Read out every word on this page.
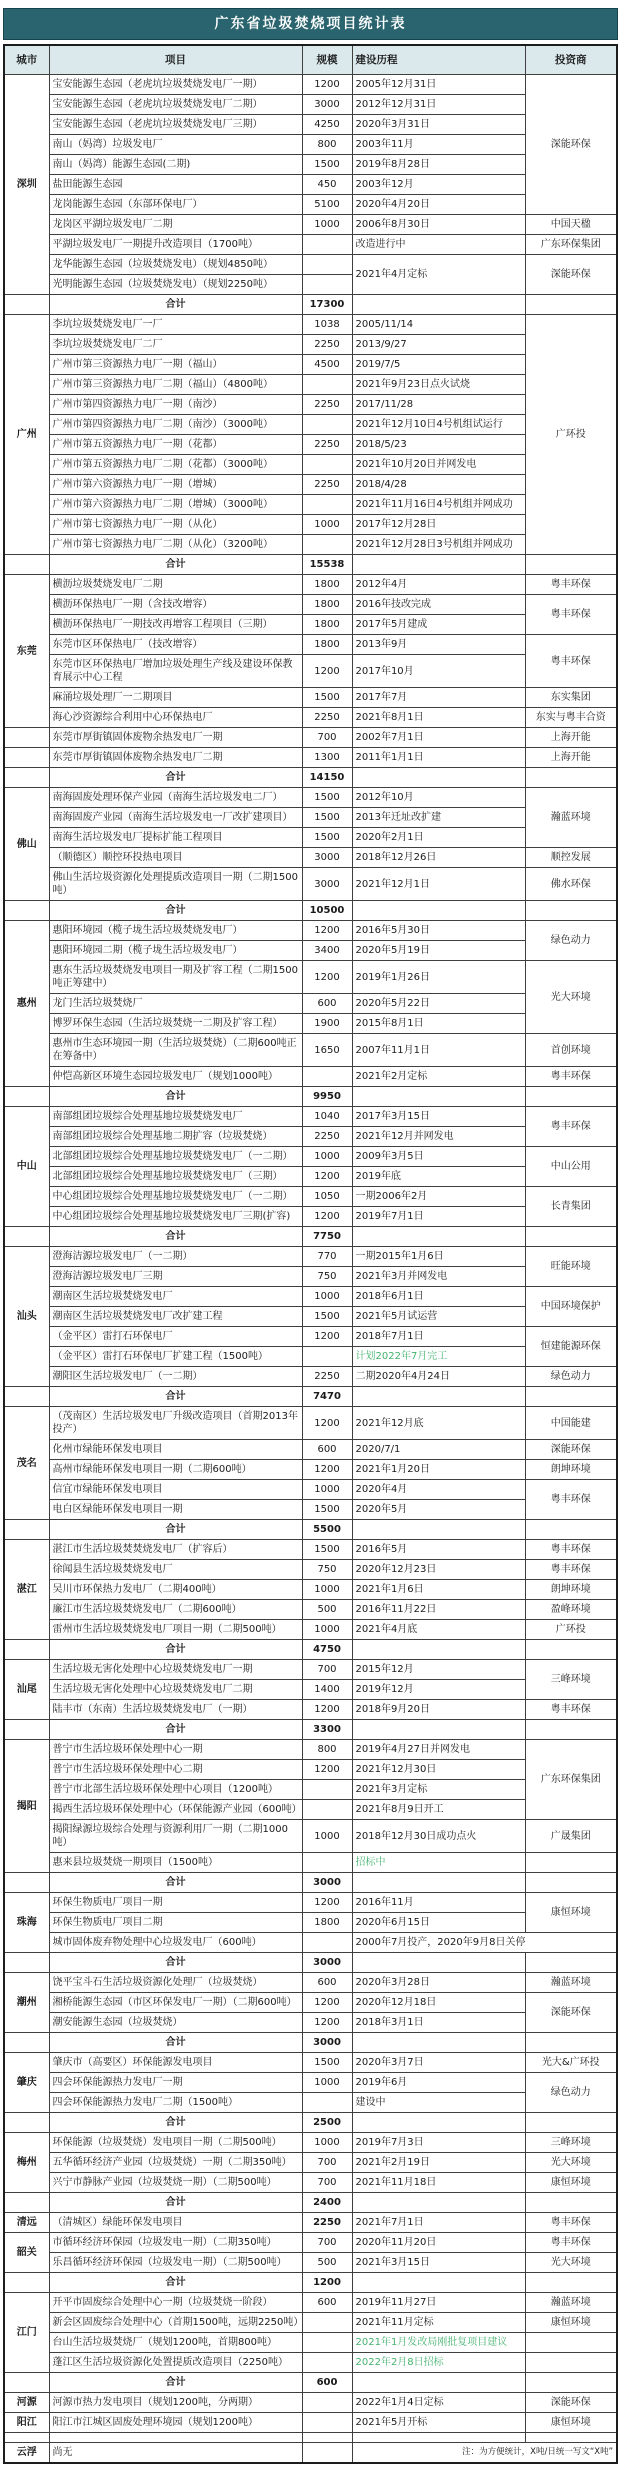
广东省垃圾焚烧项目统计表
城市	项目	规模	建设历程	投资商
深圳	宝安能源生态园（老虎坑垃圾焚烧发电厂一期）	1200	2005年12月31日	深能环保
	宝安能源生态园（老虎坑垃圾焚烧发电厂二期）	3000	2012年12月31日	
	宝安能源生态园（老虎坑垃圾焚烧发电厂三期）	4250	2020年3月31日	
	南山（妈湾）垃圾发电厂	800	2003年11月	
	南山（妈湾）能源生态园(二期)	1500	2019年8月28日	
	盐田能源生态园	450	2003年12月	
	龙岗能源生态园（东部环保电厂）	5100	2020年4月20日	
	龙岗区平湖垃圾发电厂二期	1000	2006年8月30日	中国天楹
	平湖垃圾发电厂一期提升改造项目（1700吨）		改造进行中	广东环保集团
	龙华能源生态园（垃圾焚烧发电）（规划4850吨）		2021年4月定标	深能环保
	光明能源生态园（垃圾焚烧发电）（规划2250吨）			
	合计	17300		
广州	李坑垃圾焚烧发电厂一厂	1038	2005/11/14	广环投
	李坑垃圾焚烧发电厂二厂	2250	2013/9/27	
	广州市第三资源热力电厂一期（福山）	4500	2019/7/5	
	广州市第三资源热力电厂二期（福山）（4800吨）		2021年9月23日点火试烧	
	广州市第四资源热力电厂一期（南沙）	2250	2017/11/28	
	广州市第四资源热力电厂二期（南沙）（3000吨）		2021年12月10日4号机组试运行	
	广州市第五资源热力电厂一期（花都）	2250	2018/5/23	
	广州市第五资源热力电厂二期（花都）（3000吨）		2021年10月20日并网发电	
	广州市第六资源热力电厂一期（增城）	2250	2018/4/28	
	广州市第六资源热力电厂二期（增城）（3000吨）		2021年11月16日4号机组并网成功	
	广州市第七资源热力电厂一期（从化）	1000	2017年12月28日	
	广州市第七资源热力电厂二期（从化）（3200吨）		2021年12月28日3号机组并网成功	
	合计	15538		
东莞	横沥垃圾焚烧发电厂二期	1800	2012年4月	粤丰环保
	横沥环保热电厂一期（含技改增容）	1800	2016年技改完成	粤丰环保
	横沥环保热电厂一期技改再增容工程项目（三期）	1800	2017年5月建成	
	东莞市区环保热电厂（技改增容）	1800	2013年9月	粤丰环保
	东莞市区环保热电厂增加垃圾处理生产线及建设环保教育展示中心工程	1200	2017年10月	
	麻涌垃圾处理厂一二期项目	1500	2017年7月	东实集团
	海心沙资源综合利用中心环保热电厂	2250	2021年8月1日	东实与粤丰合资
	东莞市厚街镇固体废物余热发电厂一期	700	2002年7月1日	上海开能
	东莞市厚街镇固体废物余热发电厂二期	1300	2011年1月1日	上海开能
	合计	14150		
佛山	南海固废处理环保产业园（南海生活垃圾发电二厂）	1500	2012年10月	瀚蓝环境
	南海固废产业园（南海生活垃圾发电一厂改扩建项目）	1500	2013年迁址改扩建	
	南海生活垃圾发电厂提标扩能工程项目	1500	2020年2月1日	
	（顺德区）顺控环投热电项目	3000	2018年12月26日	顺控发展
	佛山生活垃圾资源化处理提质改造项目一期（二期1500吨）	3000	2021年12月1日	佛水环保
	合计	10500		
惠州	惠阳环境园（榄子垅生活垃圾焚烧发电厂）	1200	2016年5月30日	绿色动力
	惠阳环境园二期（榄子垅生活垃圾发电厂）	3400	2020年5月19日	
	惠东生活垃圾焚烧发电项目一期及扩容工程（二期1500吨正筹建中）	1200	2019年1月26日	光大环境
	龙门生活垃圾焚烧厂	600	2020年5月22日	
	博罗环保生态园（生活垃圾焚烧一二期及扩容工程）	1900	2015年8月1日	
	惠州市生态环境园一期（生活垃圾焚烧）（二期600吨正在筹备中）	1650	2007年11月1日	首创环境
	仲恺高新区环境生态园垃圾发电厂（规划1000吨）		2021年2月定标	粤丰环保
	合计	9950		
中山	南部组团垃圾综合处理基地垃圾焚烧发电厂	1040	2017年3月15日	粤丰环保
	南部组团垃圾综合处理基地二期扩容（垃圾焚烧）	2250	2021年12月并网发电	
	北部组团垃圾综合处理基地垃圾焚烧发电厂（一二期）	1000	2009年3月5日	中山公用
	北部组团垃圾综合处理基地垃圾焚烧发电厂（三期）	1200	2019年底	
	中心组团垃圾综合处理基地垃圾焚烧发电厂（一二期）	1050	一期2006年2月	长青集团
	中心组团垃圾综合处理基地垃圾焚烧发电厂三期(扩容)	1200	2019年7月1日	
	合计	7750		
汕头	澄海洁源垃圾发电厂（一二期）	770	一期2015年1月6日	旺能环境
	澄海洁源垃圾发电厂三期	750	2021年3月并网发电	
	潮南区生活垃圾焚烧发电厂	1000	2018年6月1日	中国环境保护
	潮南区生活垃圾焚烧发电厂改扩建工程	1500	2021年5月试运营	
	（金平区）雷打石环保电厂	1200	2018年7月1日	恒建能源环保
	（金平区）雷打石环保电厂扩建工程（1500吨）		计划2022年7月完工	
	潮阳区生活垃圾发电厂（一二期）	2250	二期2020年4月24日	绿色动力
	合计	7470		
茂名	（茂南区）生活垃圾发电厂升级改造项目（首期2013年投产）	1200	2021年12月底	中国能建
	化州市绿能环保发电项目	600	2020/7/1	深能环保
	高州市绿能环保发电项目一期（二期600吨）	1200	2021年1月20日	朗坤环境
	信宜市绿能环保发电项目	1000	2020年4月	粤丰环保
	电白区绿能环保发电项目一期	1500	2020年5月	
	合计	5500		
湛江	湛江市生活垃圾焚焚烧发电厂（扩容后）	1500	2016年5月	粤丰环保
	徐闻县生活垃圾焚烧发电厂	750	2020年12月23日	粤丰环保
	吴川市环保热力发电厂（二期400吨）	1000	2021年1月6日	朗坤环境
	廉江市生活垃圾焚烧发电厂（二期600吨）	500	2016年11月22日	盈峰环境
	雷州市生活垃圾焚烧发电厂项目一期（二期500吨）	1000	2021年4月底	广环投
	合计	4750		
汕尾	生活垃圾无害化处理中心垃圾焚烧发电厂一期	700	2015年12月	三峰环境
	生活垃圾无害化处理中心垃圾焚烧发电厂二期	1400	2019年12月	
	陆丰市（东南）生活垃圾焚烧发电厂（一期）	1200	2018年9月20日	粤丰环保
	合计	3300		
揭阳	普宁市生活垃圾环保处理中心一期	800	2019年4月27日并网发电	广东环保集团
	普宁市生活垃圾环保处理中心二期	1200	2021年12月30日	
	普宁市北部生活垃圾环保处理中心项目（1200吨）		2021年3月定标	
	揭西生活垃圾环保处理中心（环保能源产业园（600吨）		2021年8月9日开工	
	揭阳绿源垃圾综合处理与资源利用厂一期（二期1000吨）	1000	2018年12月30日成功点火	广晟集团
	惠来县垃圾焚烧一期项目（1500吨）		招标中	
	合计	3000		
珠海	环保生物质电厂项目一期	1200	2016年11月	康恒环境
	环保生物质电厂项目二期	1800	2020年6月15日	
	城市固体废弃物处理中心垃圾发电厂（600吨）		2000年7月投产，2020年9月8日关停	
	合计	3000		
潮州	饶平宝斗石生活垃圾资源化处理厂（垃圾焚烧）	600	2020年3月28日	瀚蓝环境
	湘桥能源生态园（市区环保发电厂一期）（二期600吨）	1200	2020年12月18日	深能环保
	潮安能源生态园（垃圾焚烧）	1200	2018年3月1日	
	合计	3000		
肇庆	肇庆市（高要区）环保能源发电项目	1500	2020年3月7日	光大&广环投
	四会环保能源热力发电厂一期	1000	2019年6月	绿色动力
	四会环保能源热力发电厂二期（1500吨）		建设中	
	合计	2500		
梅州	环保能源（垃圾焚烧）发电项目一期（二期500吨）	1000	2019年7月3日	三峰环境
	五华循环经济产业园（垃圾焚烧）一期（二期350吨）	700	2021年2月19日	光大环境
	兴宁市静脉产业园（垃圾焚烧一期）（二期500吨）	700	2021年11月18日	康恒环境
	合计	2400		
清远	（清城区）绿能环保发电项目	2250	2021年7月1日	粤丰环保
韶关	市循环经济环保园（垃圾发电一期）（二期350吨）	700	2020年11月20日	粤丰环保
	乐昌循环经济环保园（垃圾发电一期）（二期500吨）	500	2021年3月15日	光大环境
	合计	1200		
江门	开平市固废综合处理中心一期（垃圾焚烧一阶段）	600	2019年11月27日	瀚蓝环境
	新会区固废综合处理中心（首期1500吨，远期2250吨）		2021年11月定标	康恒环境
	台山生活垃圾焚烧厂（规划1200吨，首期800吨）		2021年1月发改局刚批复项目建议	
	蓬江区生活垃圾资源化处置提质改造项目（2250吨）		2022年2月8日招标	
	合计	600		
河源	河源市热力发电项目（规划1200吨，分两期）		2022年1月4日定标	深能环保
阳江	阳江市江城区固废处理环境园（规划1200吨）		2021年5月开标	康恒环境

云浮	尚无		注：为方便统计，X吨/日统一写文“X吨”	
